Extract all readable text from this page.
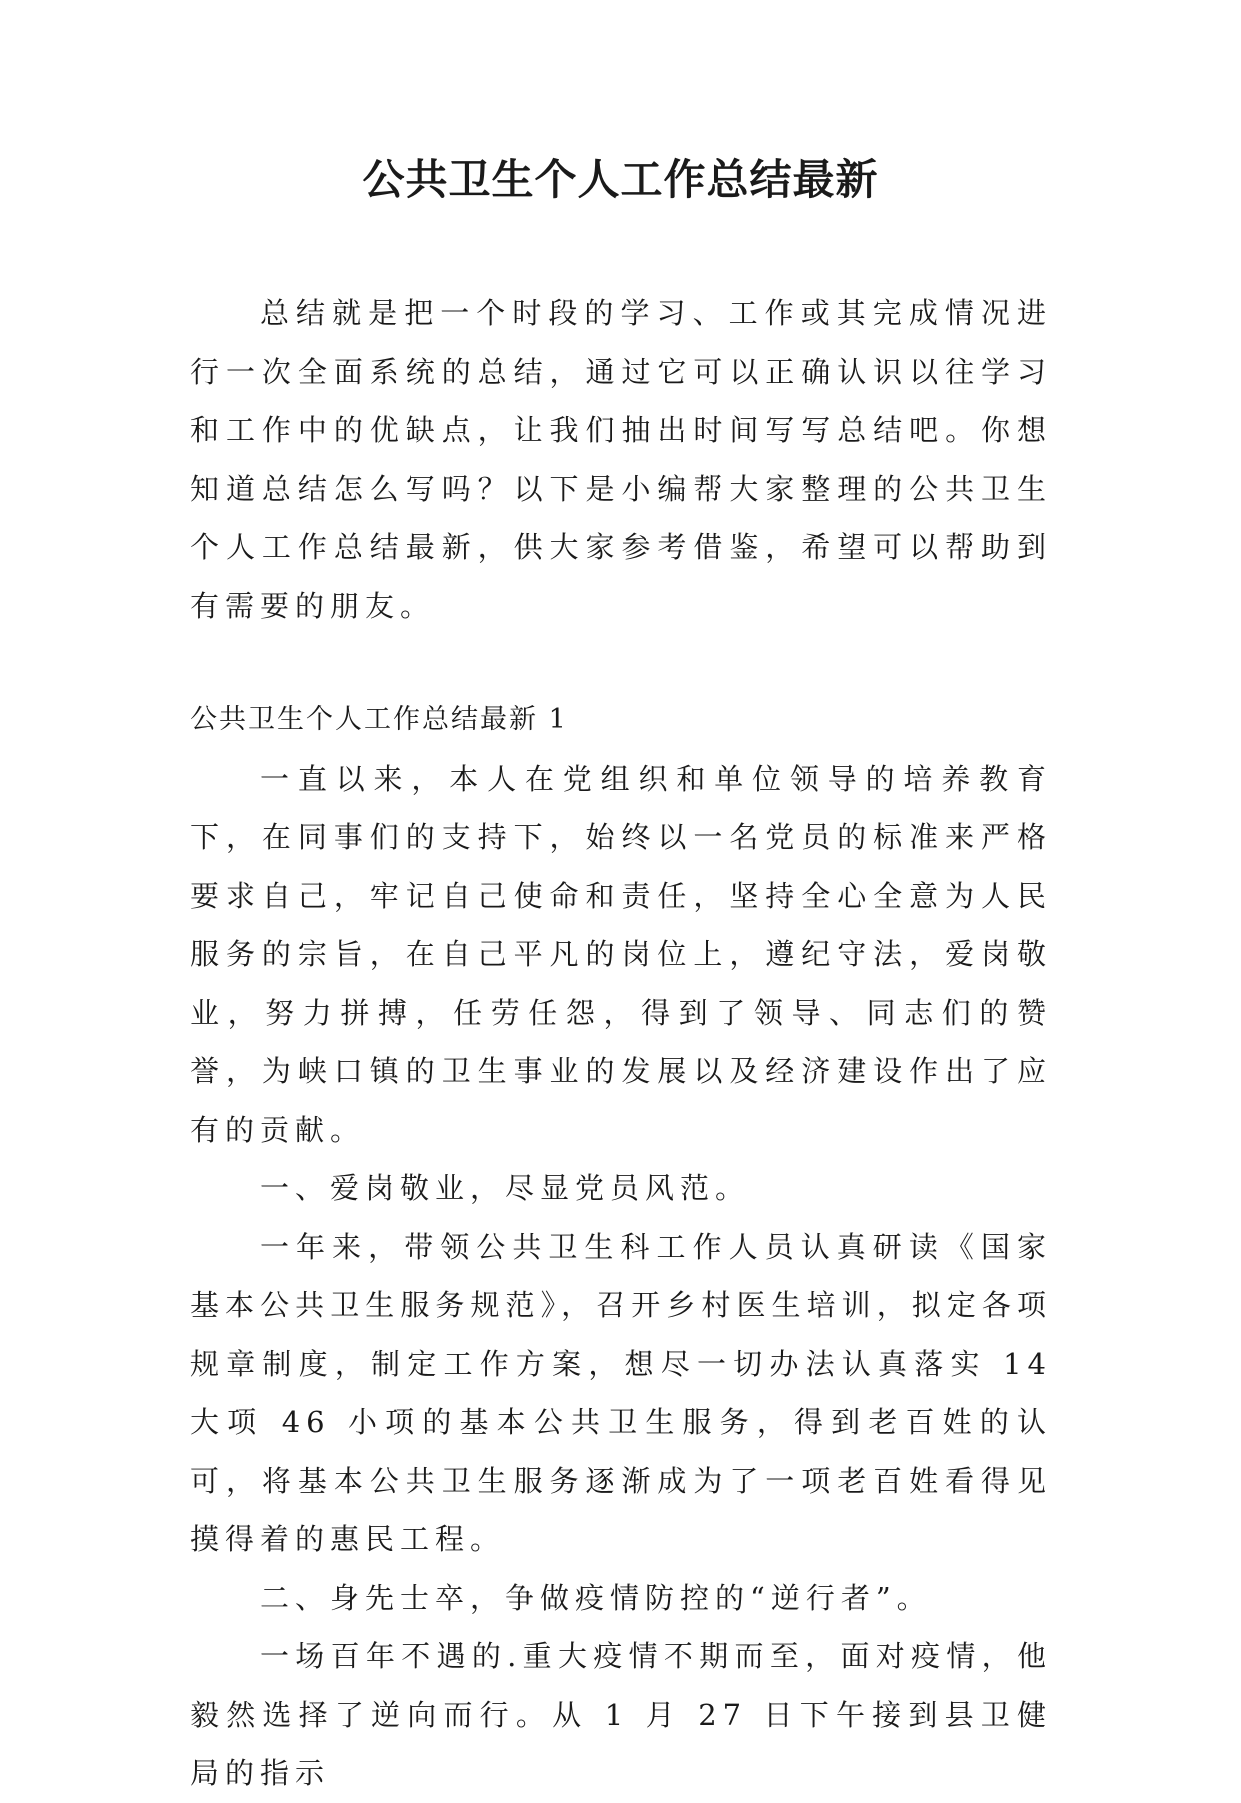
公共卫生个人工作总结最新

总结就是把一个时段的学习、工作或其完成情况进行一次全面系统的总结，通过它可以正确认识以往学习和工作中的优缺点，让我们抽出时间写写总结吧。你想知道总结怎么写吗？以下是小编帮大家整理的公共卫生个人工作总结最新，供大家参考借鉴，希望可以帮助到有需要的朋友。

公共卫生个人工作总结最新 1

一直以来，本人在党组织和单位领导的培养教育下，在同事们的支持下，始终以一名党员的标准来严格要求自己，牢记自己使命和责任，坚持全心全意为人民服务的宗旨，在自己平凡的岗位上，遵纪守法，爱岗敬业，努力拼搏，任劳任怨，得到了领导、同志们的赞誉，为峡口镇的卫生事业的发展以及经济建设作出了应有的贡献。

一、爱岗敬业，尽显党员风范。

一年来，带领公共卫生科工作人员认真研读《国家基本公共卫生服务规范》，召开乡村医生培训，拟定各项规章制度，制定工作方案，想尽一切办法认真落实 14 大项 46 小项的基本公共卫生服务，得到老百姓的认可，将基本公共卫生服务逐渐成为了一项老百姓看得见摸得着的惠民工程。

二、身先士卒，争做疫情防控的“逆行者”。

一场百年不遇的.重大疫情不期而至，面对疫情，他毅然选择了逆向而行。从 1 月 27 日下午接到县卫健局的指示
